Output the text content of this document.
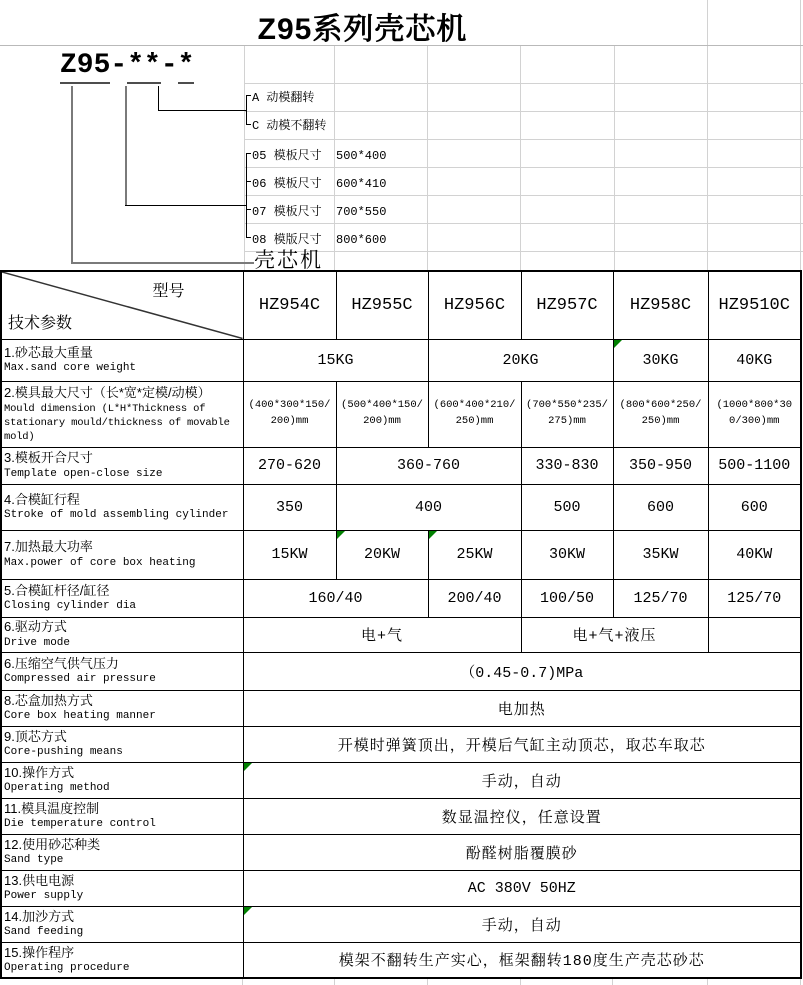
Z95系列壳芯机
Z95-**-*
A 动模翻转
C 动模不翻转
05 模板尺寸  500*400
06 模板尺寸  600*410
07 模板尺寸  700*550
08 模版尺寸  800*600
壳芯机
型号
技术参数	HZ954C	HZ955C	HZ956C	HZ957C	HZ958C	HZ9510C

1.砂芯最大重量
Max.sand core weight	15KG		20KG		30KG	40KG

2.模具最大尺寸（长*宽*定模/动模）
Mould dimension (L*H*Thickness of stationary mould/thickness of movable mold)	(400*300*150/200)mm	(500*400*150/200)mm	(600*400*210/250)mm	(700*550*235/275)mm	(800*600*250/250)mm	(1000*800*300/300)mm

3.模板开合尺寸
Template open-close size	270-620	360-760		330-830	350-950	500-1100

4.合模缸行程
Stroke of mold assembling cylinder	350	400		500	600	600

7.加热最大功率
Max.power of core box heating	15KW	20KW	25KW	30KW	35KW	40KW

5.合模缸杆径/缸径
Closing cylinder dia	160/40		200/40	100/50	125/70	125/70

6.驱动方式
Drive mode	电+气			电+气+液压		

6.压缩空气供气压力
Compressed air pressure	（0.45-0.7)MPa					

8.芯盒加热方式
Core box heating manner	电加热					

9.顶芯方式
Core-pushing means	开模时弹簧顶出，开模后气缸主动顶芯，取芯车取芯					

10.操作方式
Operating method	手动，自动					

11.模具温度控制
Die temperature control	数显温控仪，任意设置					

12.使用砂芯种类
Sand type	酚醛树脂覆膜砂					

13.供电电源
Power supply	AC 380V 50HZ					

14.加沙方式
Sand feeding	手动，自动					

15.操作程序
Operating procedure	模架不翻转生产实心，框架翻转180度生产壳芯砂芯					
